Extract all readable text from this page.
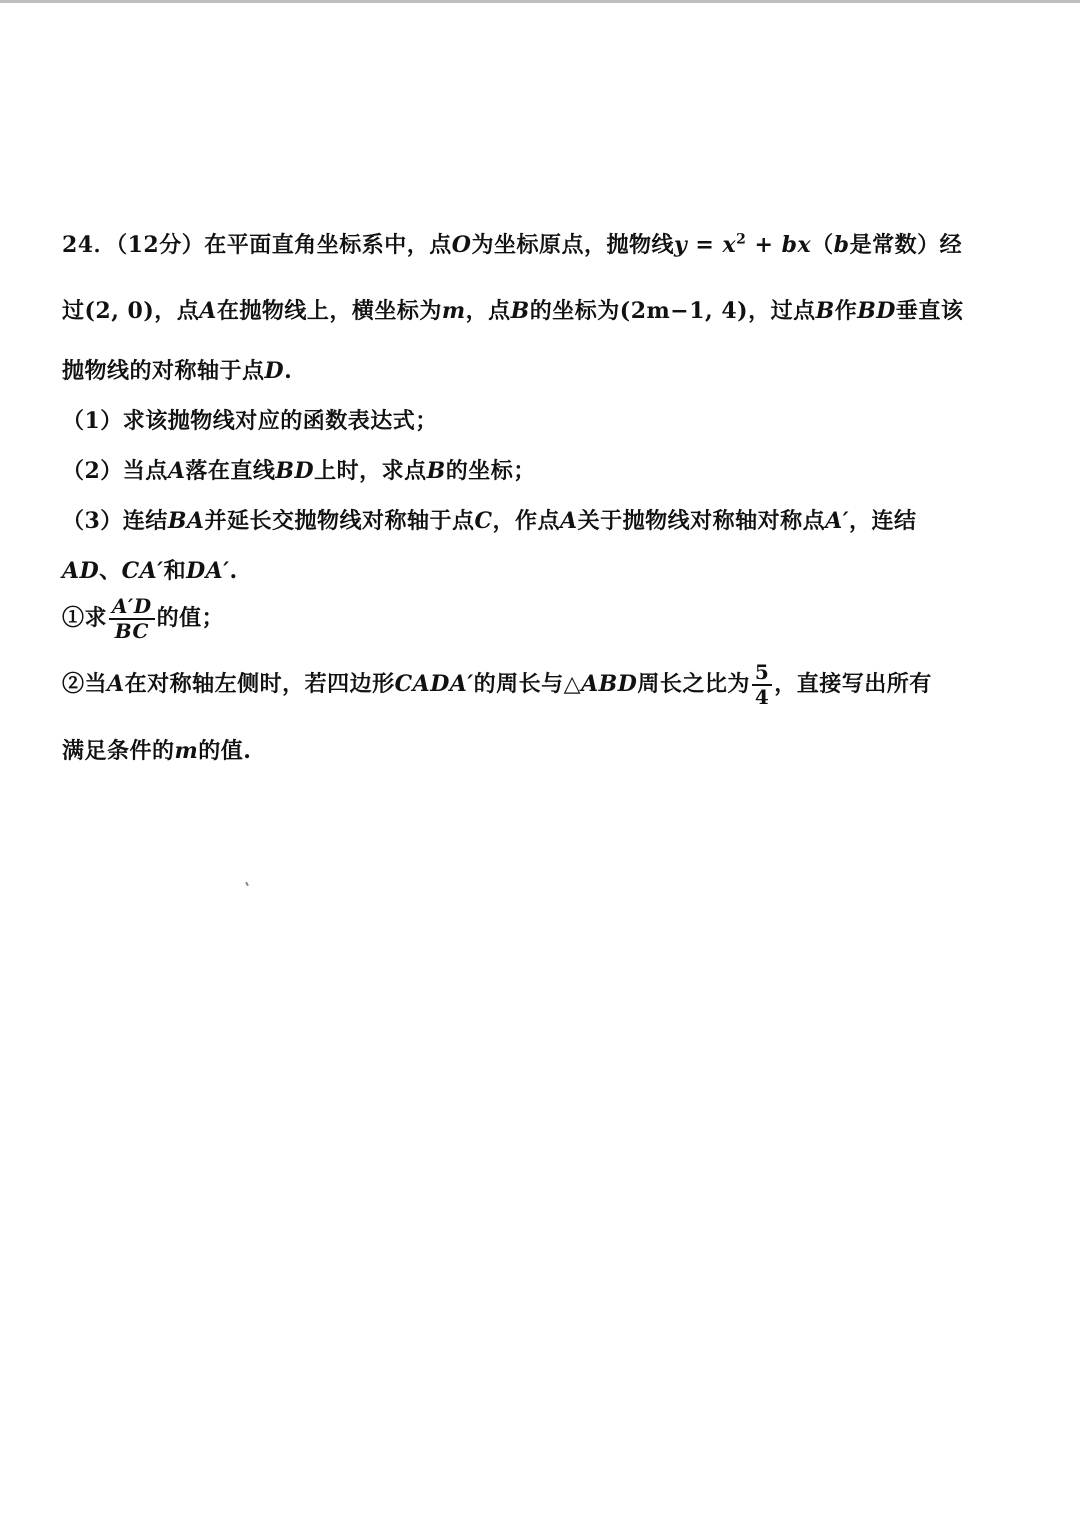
24．（12分）在平面直角坐标系中，点O为坐标原点，抛物线$y = x^2 + bx(b$是常数）经
过(2, 0)，点A在抛物线上，横坐标为m，点B的坐标为(2m−1, 4)，过点B作BD垂直该
抛物线的对称轴于点D.
（1）求该抛物线对应的函数表达式；
（2）当点A落在直线BD上时，求点B的坐标；
（3）连结BA并延长交抛物线对称轴于点C，作点A关于抛物线对称轴对称点A′，连结
AD、CA′和DA′.
①求 $\frac{A'D}{BC}$ 的值；
②当A在对称轴左侧时，若四边形CADA′的周长与△ABD周长之比为 $\frac{5}{4}$ ，直接写出所有
满足条件的m的值.
